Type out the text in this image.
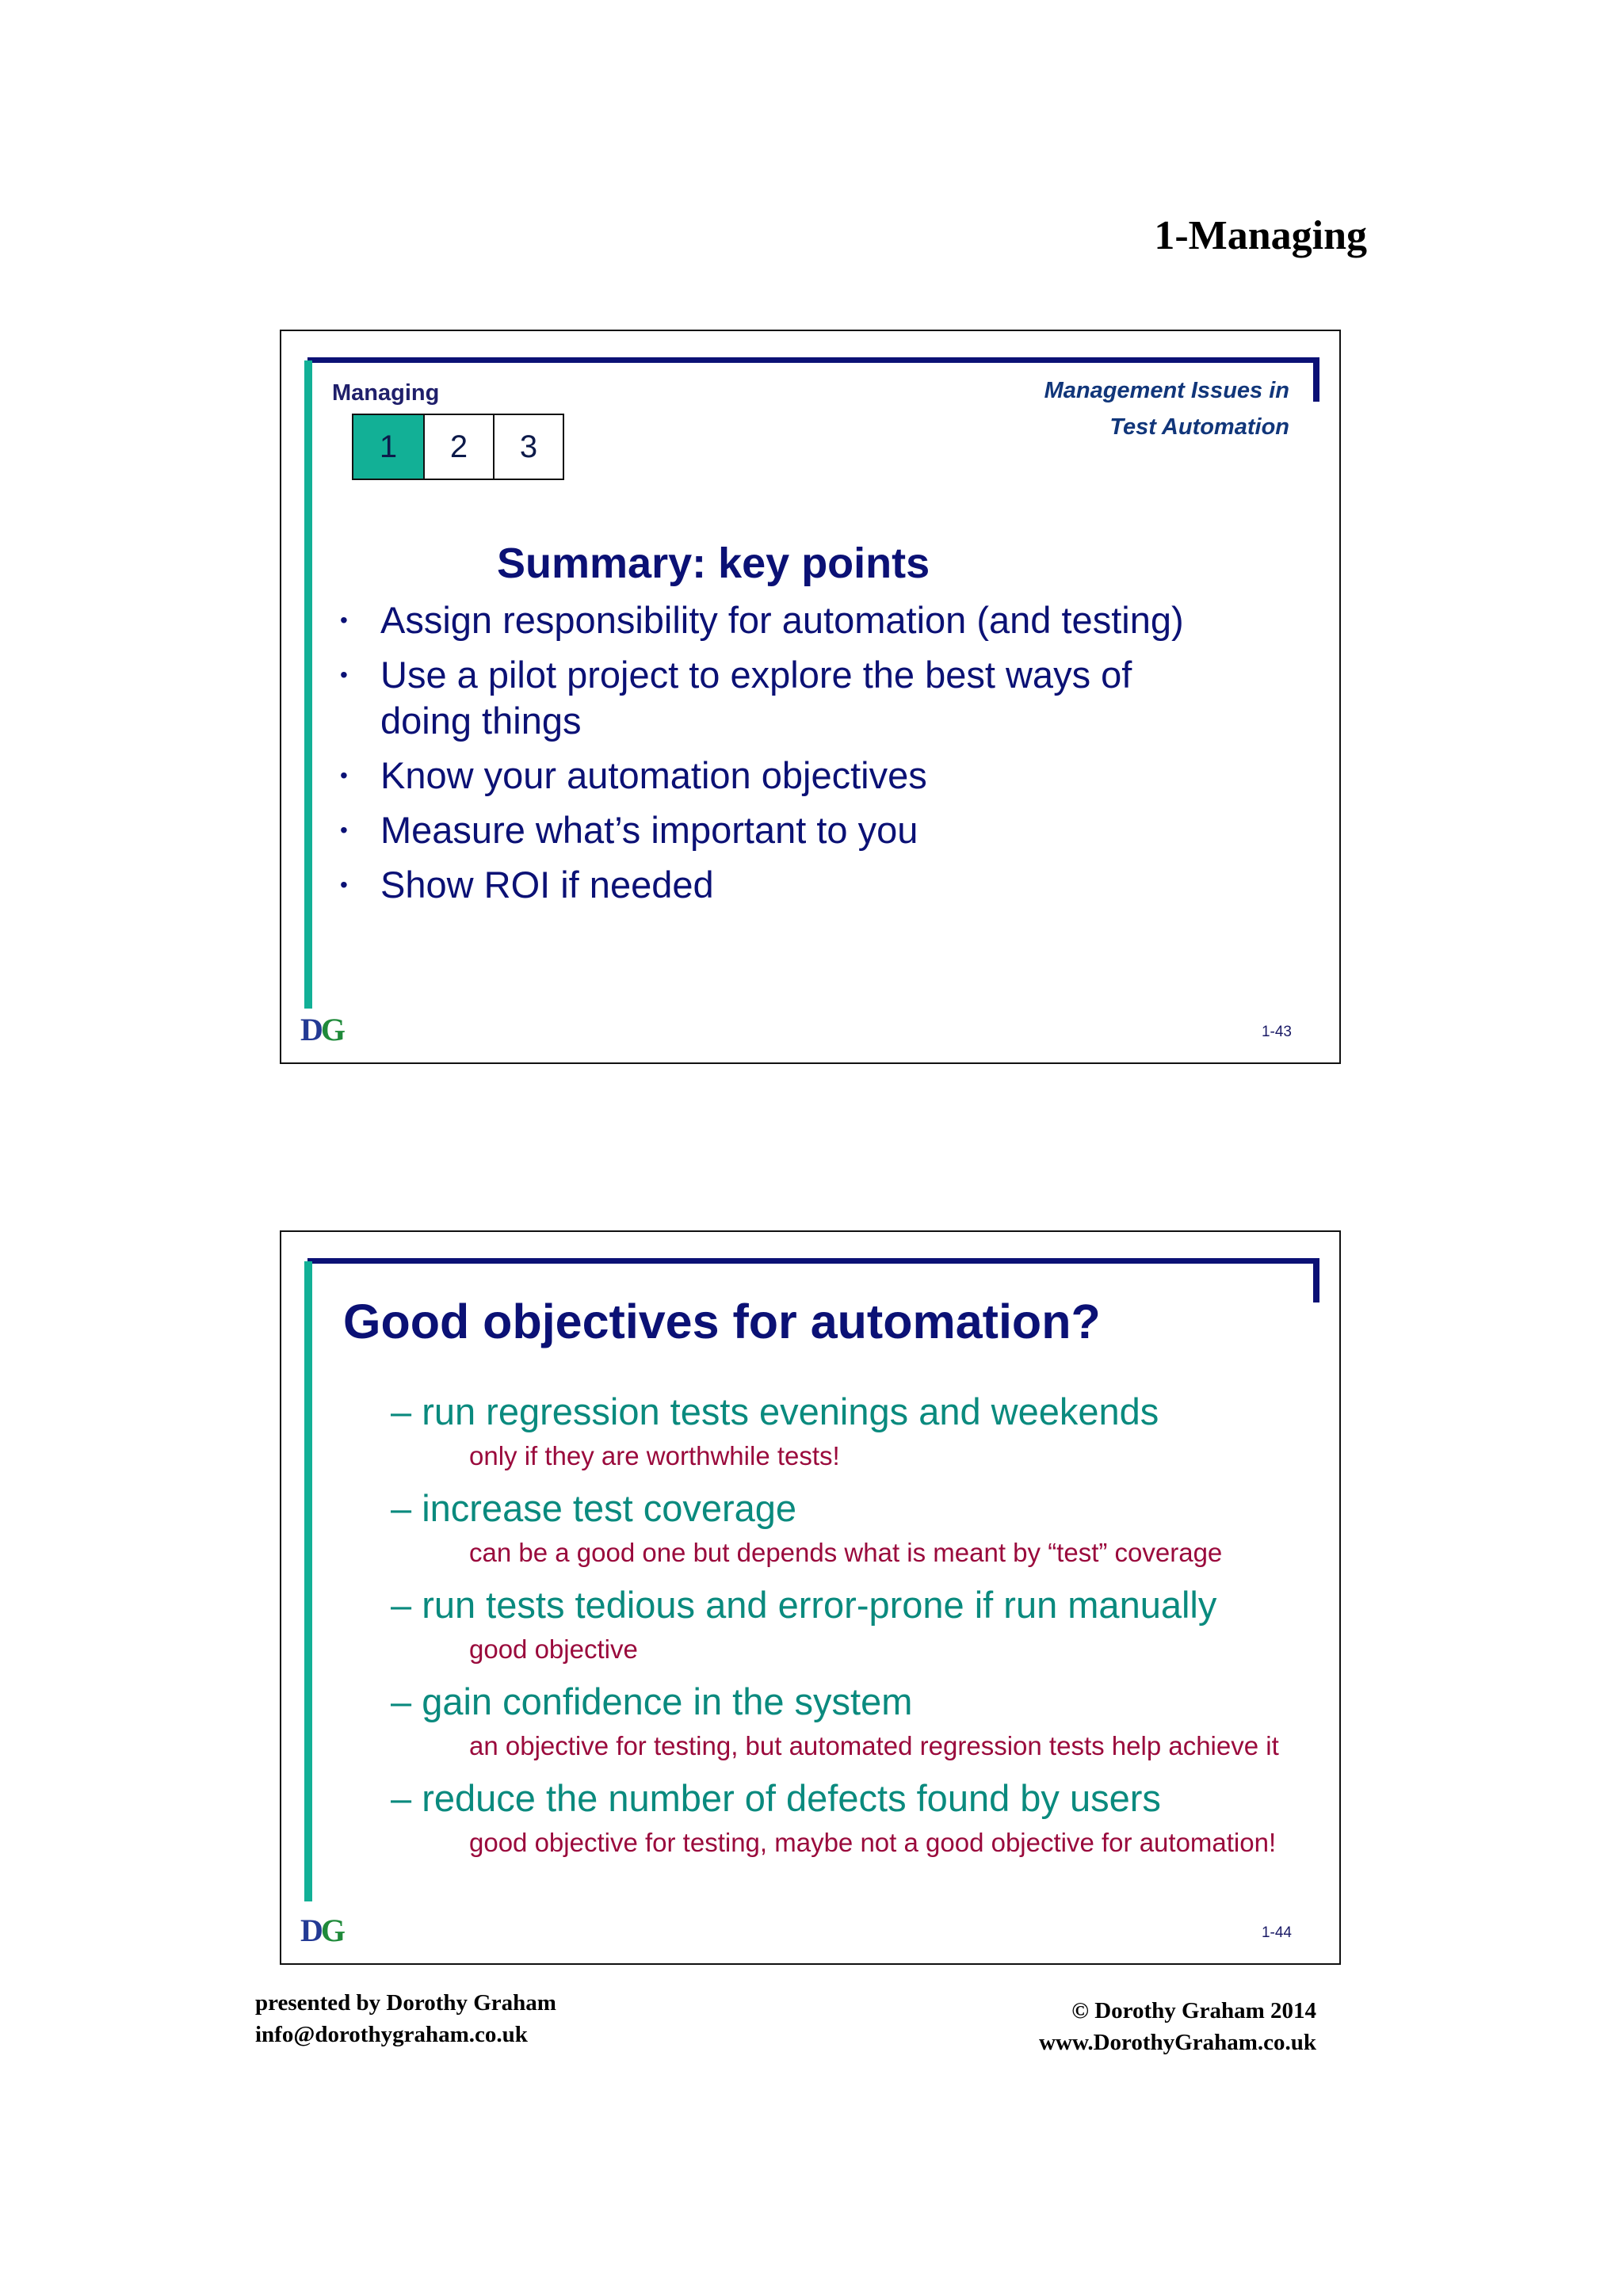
1-Managing
Managing
1	2	3
Management Issues in
Test Automation
Summary: key points
• Assign responsibility for automation (and testing)
• Use a pilot project to explore the best ways of doing things
• Know your automation objectives
• Measure what’s important to you
• Show ROI if needed
DG	1-43
Good objectives for automation?
– run regression tests evenings and weekends
only if they are worthwhile tests!
– increase test coverage
can be a good one but depends what is meant by “test” coverage
– run tests tedious and error-prone if run manually
good objective
– gain confidence in the system
an objective for testing, but automated regression tests help achieve it
– reduce the number of defects found by users
good objective for testing, maybe not a good objective for automation!
DG	1-44
presented by Dorothy Graham
info@dorothygraham.co.uk
© Dorothy Graham 2014
www.DorothyGraham.co.uk
